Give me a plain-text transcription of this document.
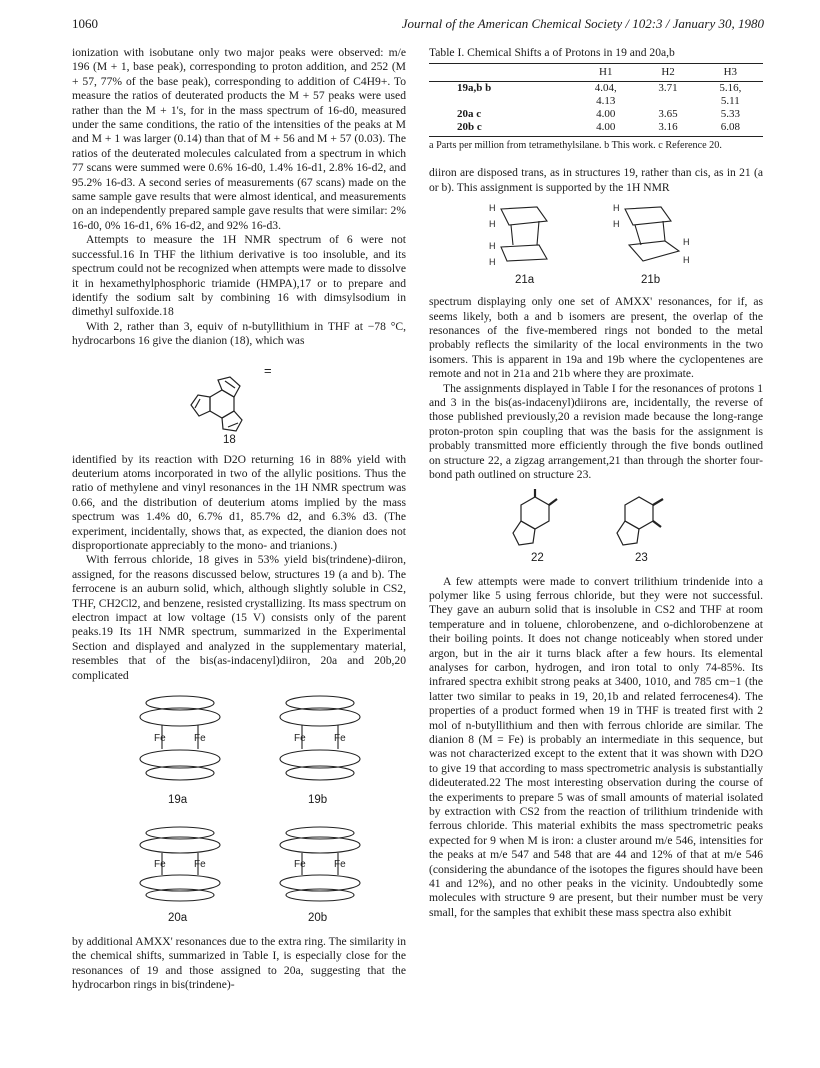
1060	Journal of the American Chemical Society / 102:3 / January 30, 1980

ionization with isobutane only two major peaks were observed: m/e 196 (M + 1, base peak), corresponding to proton addition, and 252 (M + 57, 77% of the base peak), corresponding to addition of C4H9+. To measure the ratios of deuterated products the M + 57 peaks were used rather than the M + 1's, for in the mass spectrum of 16-d0, measured under the same conditions, the ratio of the intensities of the peaks at M and M + 1 was larger (0.14) than that of M + 56 and M + 57 (0.03). The ratios of the deuterated molecules calculated from a spectrum in which 77 scans were summed were 0.6% 16-d0, 1.4% 16-d1, 2.8% 16-d2, and 95.2% 16-d3. A second series of measurements (67 scans) made on the same sample gave results that were almost identical, and measurements on an independently prepared sample gave results that were similar: 2% 16-d0, 0% 16-d1, 6% 16-d2, and 92% 16-d3.

Attempts to measure the 1H NMR spectrum of 6 were not successful.16 In THF the lithium derivative is too insoluble, and its spectrum could not be recognized when attempts were made to dissolve it in hexamethylphosphoric triamide (HMPA),17 or to prepare and identify the sodium salt by combining 16 with dimsylsodium in dimethyl sulfoxide.18

With 2, rather than 3, equiv of n-butyllithium in THF at −78 °C, hydrocarbons 16 give the dianion (18), which was

=
18

identified by its reaction with D2O returning 16 in 88% yield with deuterium atoms incorporated in two of the allylic positions. Thus the ratio of methylene and vinyl resonances in the 1H NMR spectrum was 0.66, and the distribution of deuterium atoms implied by the mass spectrum was 1.4% d0, 6.7% d1, 85.7% d2, and 6.3% d3. (The experiment, incidentally, shows that, as expected, the dianion does not disproportionate appreciably to the mono- and trianions.)

With ferrous chloride, 18 gives in 53% yield bis(trindene)-diiron, assigned, for the reasons discussed below, structures 19 (a and b). The ferrocene is an auburn solid, which, although slightly soluble in CS2, THF, CH2Cl2, and benzene, resisted crystallizing. Its mass spectrum on electron impact at low voltage (15 V) consists only of the parent peaks.19 Its 1H NMR spectrum, summarized in the Experimental Section and displayed and analyzed in the supplementary material, resembles that of the bis(as-indacenyl)diiron, 20a and 20b,20 complicated

Fe	Fe	Fe	Fe
19a	19b
Fe	Fe	Fe	Fe
20a	20b

by additional AMXX' resonances due to the extra ring. The similarity in the chemical shifts, summarized in Table I, is especially close for the resonances of 19 and those assigned to 20a, suggesting that the hydrocarbon rings in bis(trindene)-

Table I. Chemical Shifts a of Protons in 19 and 20a,b
	H1	H2	H3
19a,b b	4.04,	3.71	5.16,
	4.13		5.11
20a c	4.00	3.65	5.33
20b c	4.00	3.16	6.08
a Parts per million from tetramethylsilane. b This work. c Reference 20.

diiron are disposed trans, as in structures 19, rather than cis, as in 21 (a or b). This assignment is supported by the 1H NMR

H
H
H
H
H
H
H
H
21a	21b

spectrum displaying only one set of AMXX' resonances, for if, as seems likely, both a and b isomers are present, the overlap of the resonances of the five-membered rings not bonded to the metal probably reflects the similarity of the local environments in the two isomers. This is apparent in 19a and 19b where the cyclopentenes are remote and not in 21a and 21b where they are proximate.

The assignments displayed in Table I for the resonances of protons 1 and 3 in the bis(as-indacenyl)diirons are, incidentally, the reverse of those published previously,20 a revision made because the long-range proton-proton spin coupling that was the basis for the assignment is probably transmitted more efficiently through the five bonds outlined on structure 22, a zigzag arrangement,21 than through the shorter four-bond path outlined on structure 23.

22	23

A few attempts were made to convert trilithium trindenide into a polymer like 5 using ferrous chloride, but they were not successful. They gave an auburn solid that is insoluble in CS2 and THF at room temperature and in toluene, chlorobenzene, and o-dichlorobenzene at their boiling points. It does not change noticeably when stored under argon, but in the air it turns black after a few hours. Its elemental analyses for carbon, hydrogen, and iron total to only 74-85%. Its infrared spectra exhibit strong peaks at 3400, 1010, and 785 cm−1 (the latter two similar to peaks in 19, 20,1b and related ferrocenes4). The properties of a product formed when 19 in THF is treated first with 2 mol of n-butyllithium and then with ferrous chloride are similar. The dianion 8 (M = Fe) is probably an intermediate in this sequence, but was not characterized except to the extent that it was shown with D2O to give 19 that according to mass spectrometric analysis is substantially dideuterated.22 The most interesting observation during the course of the experiments to prepare 5 was of small amounts of material isolated by extraction with CS2 from the reaction of trilithium trindenide with ferrous chloride. This material exhibits the mass spectrometric peaks expected for 9 when M is iron: a cluster around m/e 546, intensities for the peaks at m/e 547 and 548 that are 44 and 12% of that at m/e 546 (considering the abundance of the isotopes the figures should have been 41 and 12%), and no other peaks in the vicinity. Undoubtedly some molecules with structure 9 are present, but their number must be very small, for the samples that exhibit these mass spectra also exhibit
